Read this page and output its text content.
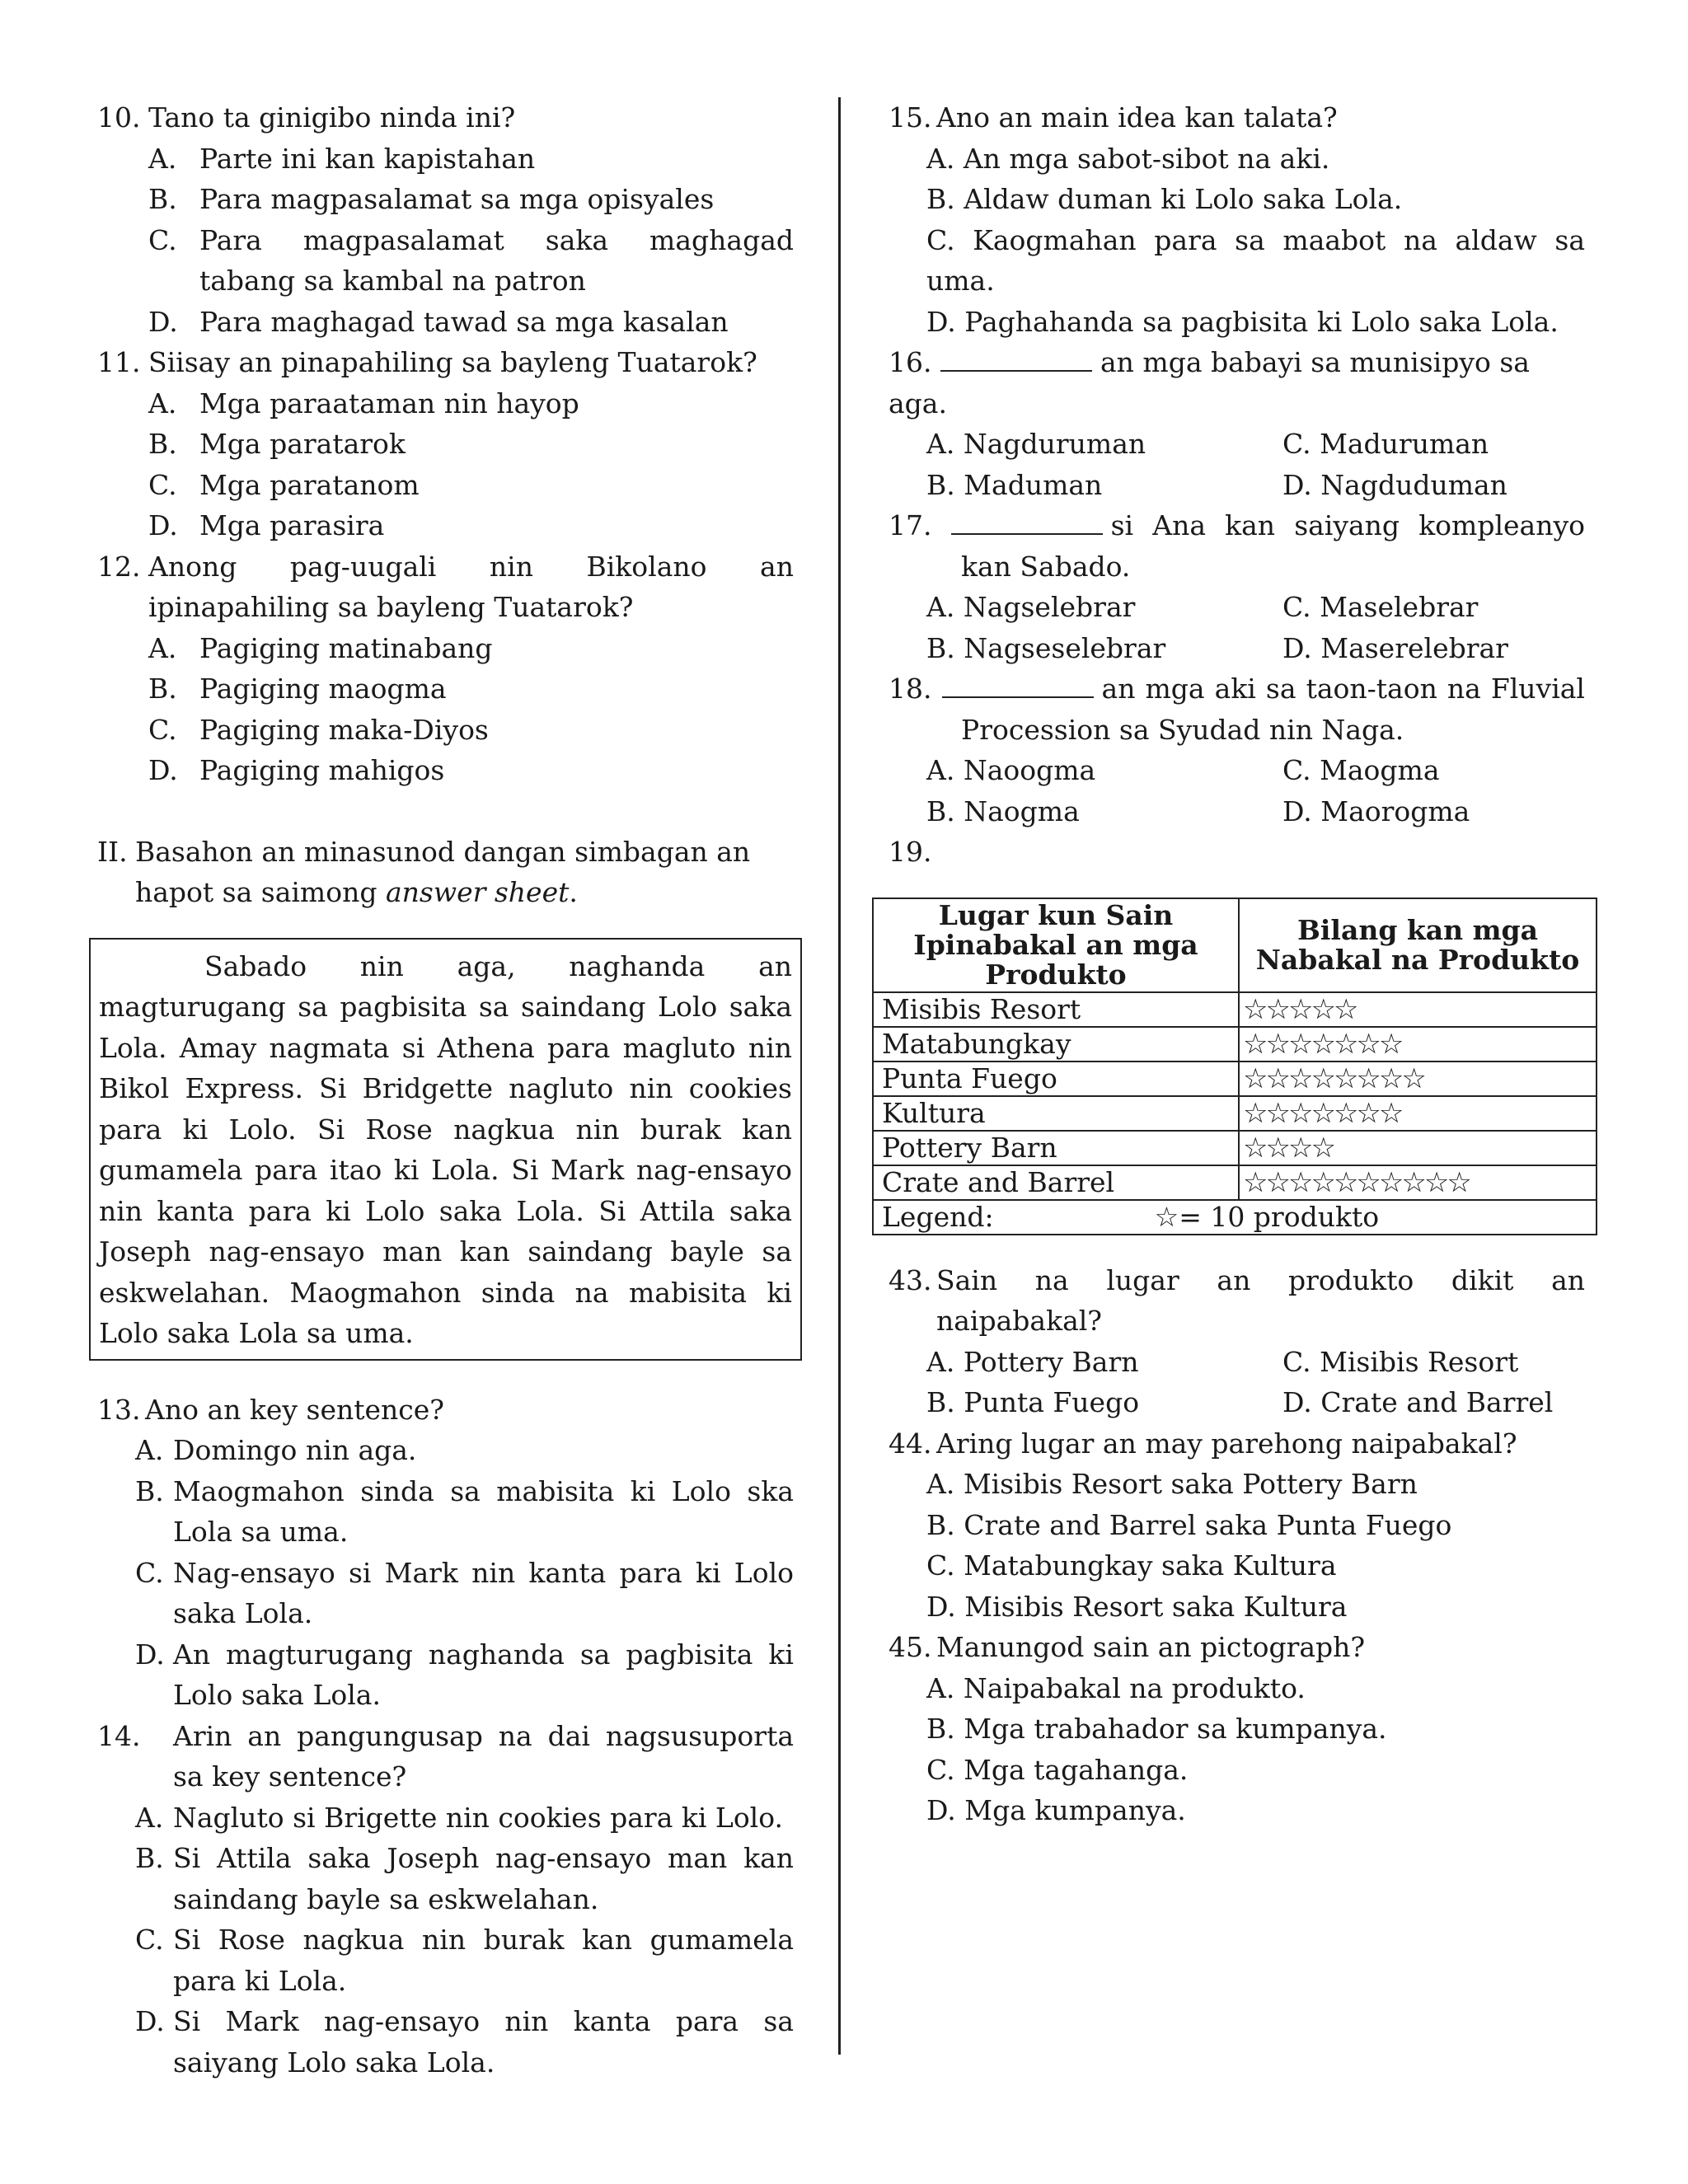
10. Tano ta ginigibo ninda ini?
A. Parte ini kan kapistahan
B. Para magpasalamat sa mga opisyales
C. Para magpasalamat saka maghagad tabang sa kambal na patron
D. Para maghagad tawad sa mga kasalan
11. Siisay an pinapahiling sa bayleng Tuatarok?
A. Mga paraataman nin hayop
B. Mga paratarok
C. Mga paratanom
D. Mga parasira
12. Anong pag-uugali nin Bikolano an ipinapahiling sa bayleng Tuatarok?
A. Pagiging matinabang
B. Pagiging maogma
C. Pagiging maka-Diyos
D. Pagiging mahigos
II. Basahon an minasunod dangan simbagan an hapot sa saimong answer sheet.
Sabado nin aga, naghanda an magturugang sa pagbisita sa saindang Lolo saka Lola. Amay nagmata si Athena para magluto nin Bikol Express. Si Bridgette nagluto nin cookies para ki Lolo. Si Rose nagkua nin burak kan gumamela para itao ki Lola. Si Mark nag-ensayo nin kanta para ki Lolo saka Lola. Si Attila saka Joseph nag-ensayo man kan saindang bayle sa eskwelahan. Maogmahon sinda na mabisita ki Lolo saka Lola sa uma.
13. Ano an key sentence?
A. Domingo nin aga.
B. Maogmahon sinda sa mabisita ki Lolo ska Lola sa uma.
C. Nag-ensayo si Mark nin kanta para ki Lolo saka Lola.
D. An magturugang naghanda sa pagbisita ki Lolo saka Lola.
14. Arin an pangungusap na dai nagsusuporta sa key sentence?
A. Nagluto si Brigette nin cookies para ki Lolo.
B. Si Attila saka Joseph nag-ensayo man kan saindang bayle sa eskwelahan.
C. Si Rose nagkua nin burak kan gumamela para ki Lola.
D. Si Mark nag-ensayo nin kanta para sa saiyang Lolo saka Lola.
15. Ano an main idea kan talata?
A. An mga sabot-sibot na aki.
B. Aldaw duman ki Lolo saka Lola.
C. Kaogmahan para sa maabot na aldaw sa uma.
D. Paghahanda sa pagbisita ki Lolo saka Lola.
16.	an mga babayi sa munisipyo sa aga.
A. Nagduruman	C. Maduruman
B. Maduman	D. Nagduduman
17.	si Ana kan saiyang kompleanyo kan Sabado.
A. Nagselebrar	C. Maselebrar
B. Nagseselebrar	D. Maserelebrar
18.	an mga aki sa taon-taon na Fluvial Procession sa Syudad nin Naga.
A. Naoogma	C. Maogma
B. Naogma	D. Maorogma
19.
Lugar kun Sain Ipinabakal an mga Produkto	Bilang kan mga Nabakal na Produkto
Misibis Resort	☆☆☆☆☆
Matabungkay	☆☆☆☆☆☆☆
Punta Fuego	☆☆☆☆☆☆☆☆
Kultura	☆☆☆☆☆☆☆
Pottery Barn	☆☆☆☆
Crate and Barrel	☆☆☆☆☆☆☆☆☆☆
Legend: ☆= 10 produkto	
43. Sain na lugar an produkto dikit an naipabakal?
A. Pottery Barn	C. Misibis Resort
B. Punta Fuego	D. Crate and Barrel
44. Aring lugar an may parehong naipabakal?
A. Misibis Resort saka Pottery Barn
B. Crate and Barrel saka Punta Fuego
C. Matabungkay saka Kultura
D. Misibis Resort saka Kultura
45. Manungod sain an pictograph?
A. Naipabakal na produkto.
B. Mga trabahador sa kumpanya.
C. Mga tagahanga.
D. Mga kumpanya.
